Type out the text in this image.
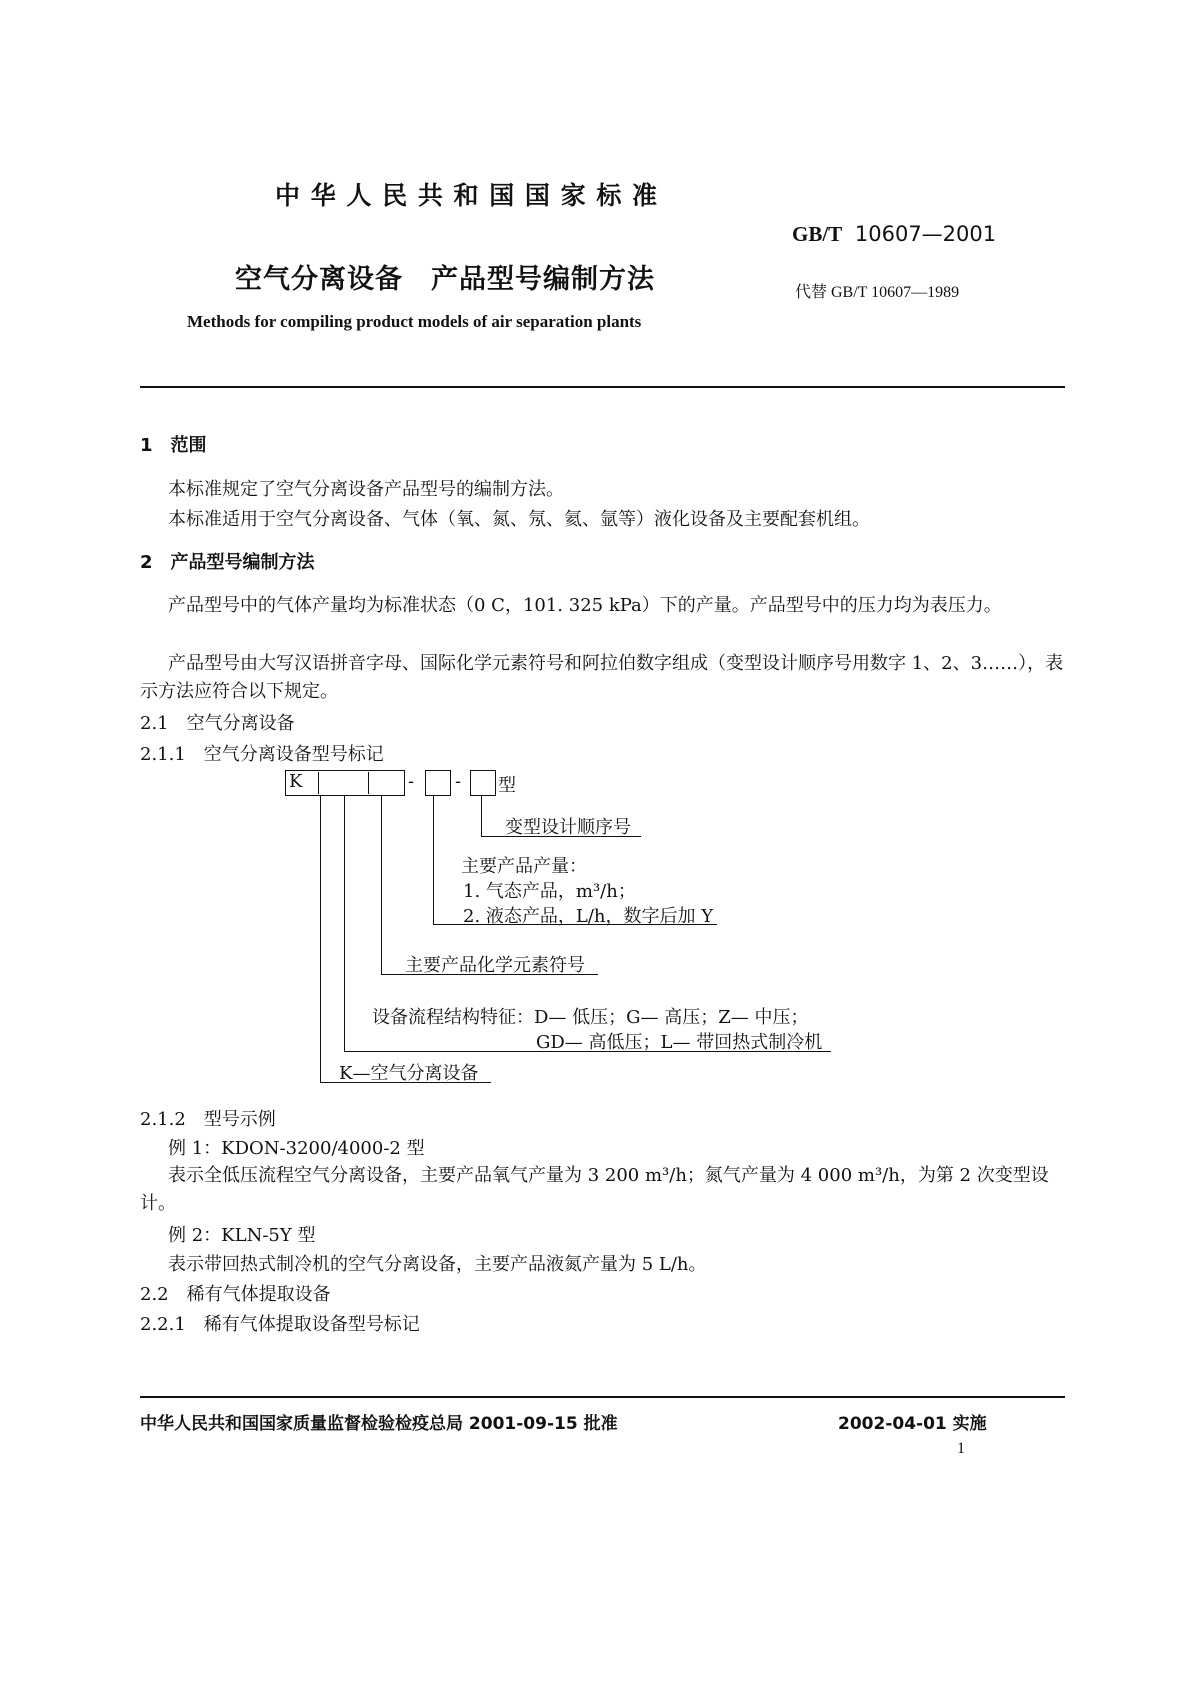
中 华 人 民 共 和 国 国 家 标 准
GB/T 10607—2001
空气分离设备　产品型号编制方法	代替 GB/T 10607—1989
Methods for compiling product models of air separation plants
1　范围
本标准规定了空气分离设备产品型号的编制方法。
本标准适用于空气分离设备、气体（氧、氮、氖、氦、氩等）液化设备及主要配套机组。
2　产品型号编制方法
产品型号中的气体产量均为标准状态（0 C，101. 325 kPa）下的产量。产品型号中的压力均为表压力。
产品型号由大写汉语拼音字母、国际化学元素符号和阿拉伯数字组成（变型设计顺序号用数字 1、2、3……），表示方法应符合以下规定。
2.1　空气分离设备
2.1.1　空气分离设备型号标记
K	- - 型
变型设计顺序号
主要产品产量：
1. 气态产品，m³/h；
2. 液态产品，L/h，数字后加 Y
主要产品化学元素符号
设备流程结构特征：D— 低压；G— 高压；Z— 中压；
GD— 高低压；L— 带回热式制冷机
K—空气分离设备
2.1.2　型号示例
例 1：KDON-3200/4000-2 型
表示全低压流程空气分离设备，主要产品氧气产量为 3 200 m³/h；氮气产量为 4 000 m³/h，为第 2 次变型设计。
例 2：KLN-5Y 型
表示带回热式制冷机的空气分离设备，主要产品液氮产量为 5 L/h。
2.2　稀有气体提取设备
2.2.1　稀有气体提取设备型号标记
中华人民共和国国家质量监督检验检疫总局 2001-09-15 批准	2002-04-01 实施
1
